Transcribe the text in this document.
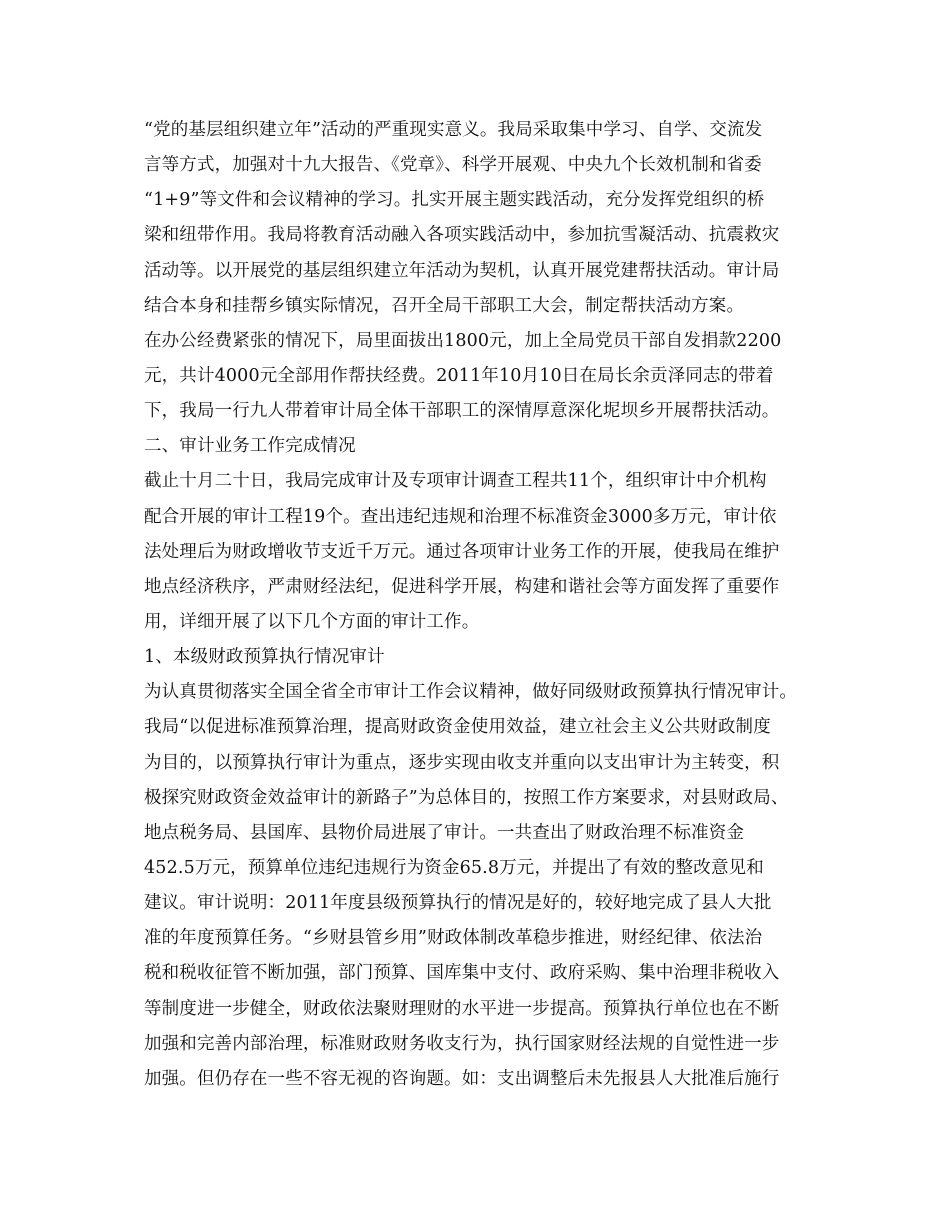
“党的基层组织建立年”活动的严重现实意义。我局采取集中学习、自学、交流发
言等方式，加强对十九大报告、《党章》、科学开展观、中央九个长效机制和省委
“1+9”等文件和会议精神的学习。扎实开展主题实践活动，充分发挥党组织的桥
梁和纽带作用。我局将教育活动融入各项实践活动中，参加抗雪凝活动、抗震救灾
活动等。以开展党的基层组织建立年活动为契机，认真开展党建帮扶活动。审计局
结合本身和挂帮乡镇实际情况，召开全局干部职工大会，制定帮扶活动方案。
在办公经费紧张的情况下，局里面拔出1800元，加上全局党员干部自发捐款2200
元，共计4000元全部用作帮扶经费。2011年10月10日在局长余贡泽同志的带着
下，我局一行九人带着审计局全体干部职工的深情厚意深化坭坝乡开展帮扶活动。
二、审计业务工作完成情况
截止十月二十日，我局完成审计及专项审计调查工程共11个，组织审计中介机构
配合开展的审计工程19个。查出违纪违规和治理不标准资金3000多万元，审计依
法处理后为财政增收节支近千万元。通过各项审计业务工作的开展，使我局在维护
地点经济秩序，严肃财经法纪，促进科学开展，构建和谐社会等方面发挥了重要作
用，详细开展了以下几个方面的审计工作。
1、本级财政预算执行情况审计
为认真贯彻落实全国全省全市审计工作会议精神，做好同级财政预算执行情况审计。
我局“以促进标准预算治理，提高财政资金使用效益，建立社会主义公共财政制度
为目的，以预算执行审计为重点，逐步实现由收支并重向以支出审计为主转变，积
极探究财政资金效益审计的新路子”为总体目的，按照工作方案要求，对县财政局、
地点税务局、县国库、县物价局进展了审计。一共查出了财政治理不标准资金
452.5万元，预算单位违纪违规行为资金65.8万元，并提出了有效的整改意见和
建议。审计说明：2011年度县级预算执行的情况是好的，较好地完成了县人大批
准的年度预算任务。“乡财县管乡用”财政体制改革稳步推进，财经纪律、依法治
税和税收征管不断加强，部门预算、国库集中支付、政府采购、集中治理非税收入
等制度进一步健全，财政依法聚财理财的水平进一步提高。预算执行单位也在不断
加强和完善内部治理，标准财政财务收支行为，执行国家财经法规的自觉性进一步
加强。但仍存在一些不容无视的咨询题。如：支出调整后未先报县人大批准后施行
